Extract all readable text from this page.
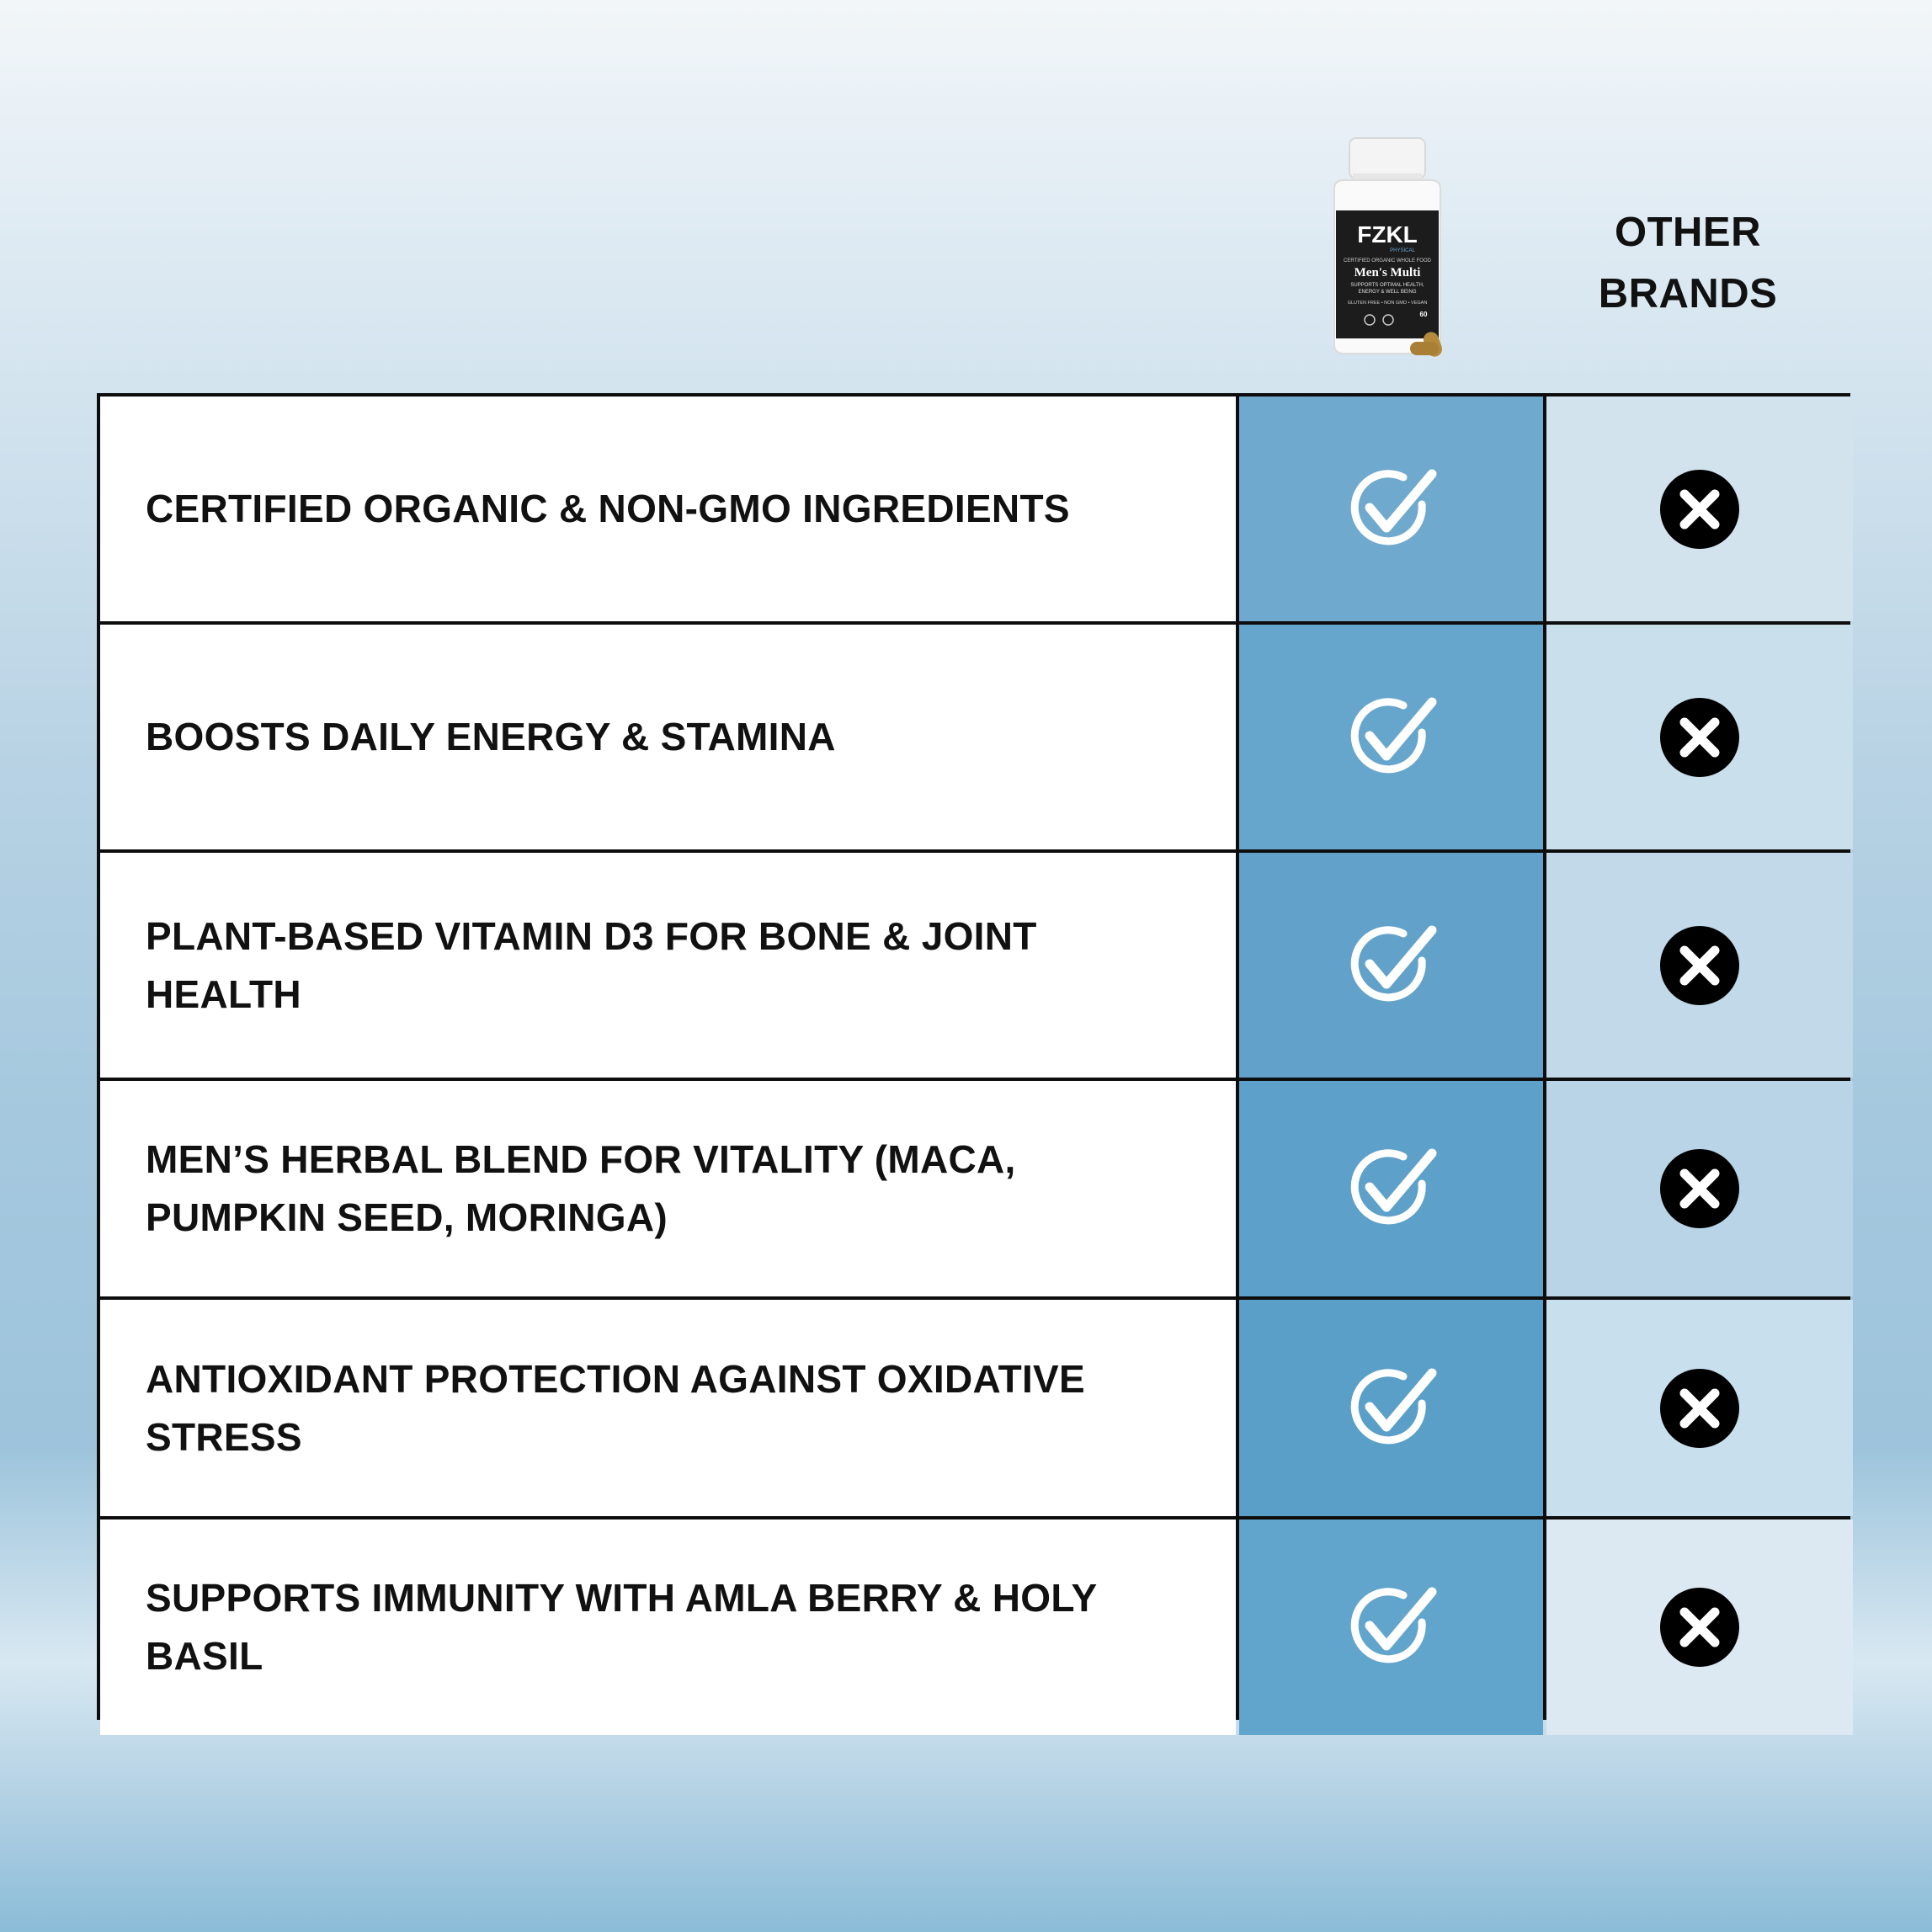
FZKL
PHYSICAL
CERTIFIED ORGANIC WHOLE FOOD
Men's Multi
SUPPORTS OPTIMAL HEALTH,
ENERGY & WELL BEING
GLUTEN FREE • NON GMO • VEGAN
60
OTHER
BRANDS
CERTIFIED ORGANIC & NON-GMO INGREDIENTS
BOOSTS DAILY ENERGY & STAMINA
PLANT-BASED VITAMIN D3 FOR BONE & JOINT HEALTH
MEN’S HERBAL BLEND FOR VITALITY (MACA, PUMPKIN SEED, MORINGA)
ANTIOXIDANT PROTECTION AGAINST OXIDATIVE STRESS
SUPPORTS IMMUNITY WITH AMLA BERRY & HOLY BASIL
